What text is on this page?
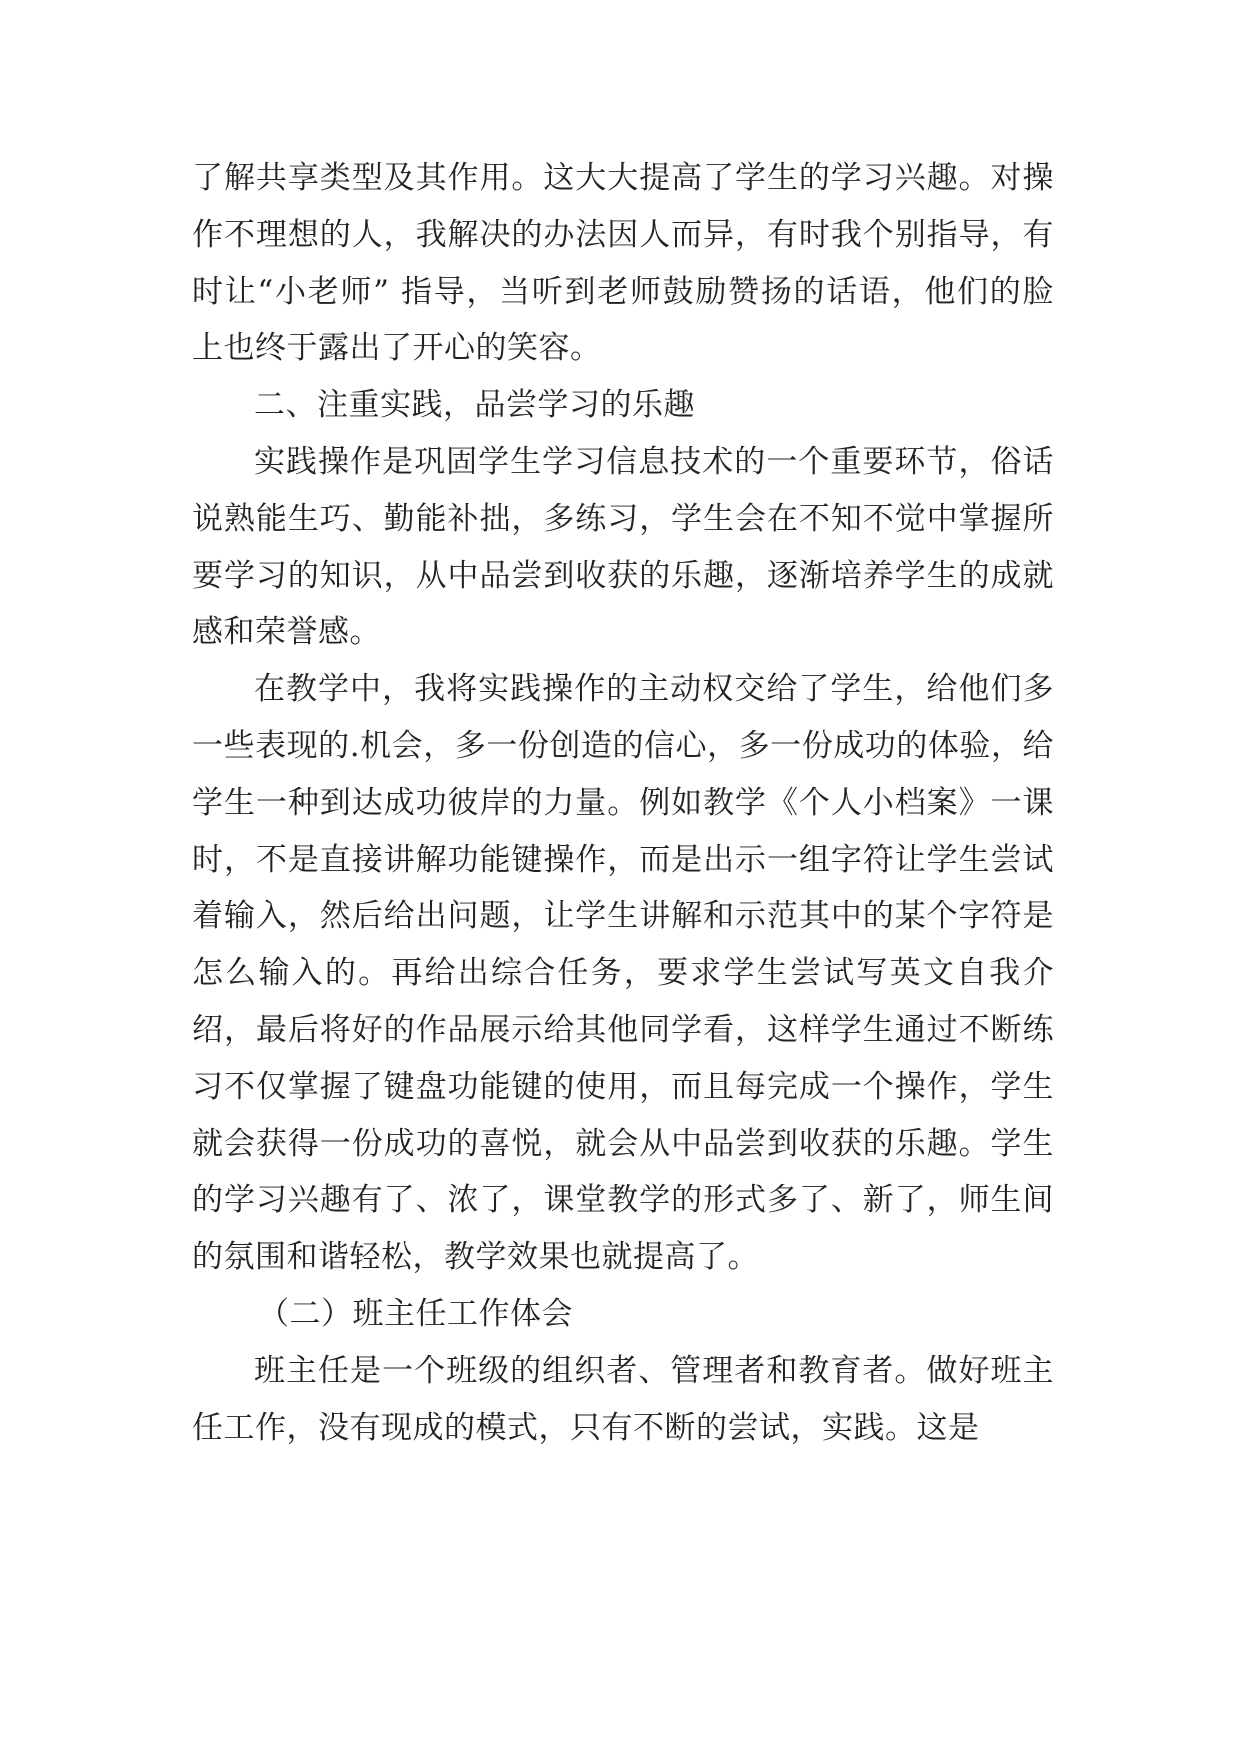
了解共享类型及其作用。这大大提高了学生的学习兴趣。对操作不理想的人，我解决的办法因人而异，有时我个别指导，有时让“小老师” 指导，当听到老师鼓励赞扬的话语，他们的脸上也终于露出了开心的笑容。

二、注重实践，品尝学习的乐趣

实践操作是巩固学生学习信息技术的一个重要环节，俗话说熟能生巧、勤能补拙，多练习，学生会在不知不觉中掌握所要学习的知识，从中品尝到收获的乐趣，逐渐培养学生的成就感和荣誉感。

在教学中，我将实践操作的主动权交给了学生，给他们多一些表现的.机会，多一份创造的信心，多一份成功的体验，给学生一种到达成功彼岸的力量。例如教学《个人小档案》一课时，不是直接讲解功能键操作，而是出示一组字符让学生尝试着输入，然后给出问题，让学生讲解和示范其中的某个字符是怎么输入的。再给出综合任务，要求学生尝试写英文自我介绍，最后将好的作品展示给其他同学看，这样学生通过不断练习不仅掌握了键盘功能键的使用，而且每完成一个操作，学生就会获得一份成功的喜悦，就会从中品尝到收获的乐趣。学生的学习兴趣有了、浓了，课堂教学的形式多了、新了，师生间的氛围和谐轻松，教学效果也就提高了。

（二）班主任工作体会

班主任是一个班级的组织者、管理者和教育者。做好班主任工作，没有现成的模式，只有不断的尝试，实践。这是
